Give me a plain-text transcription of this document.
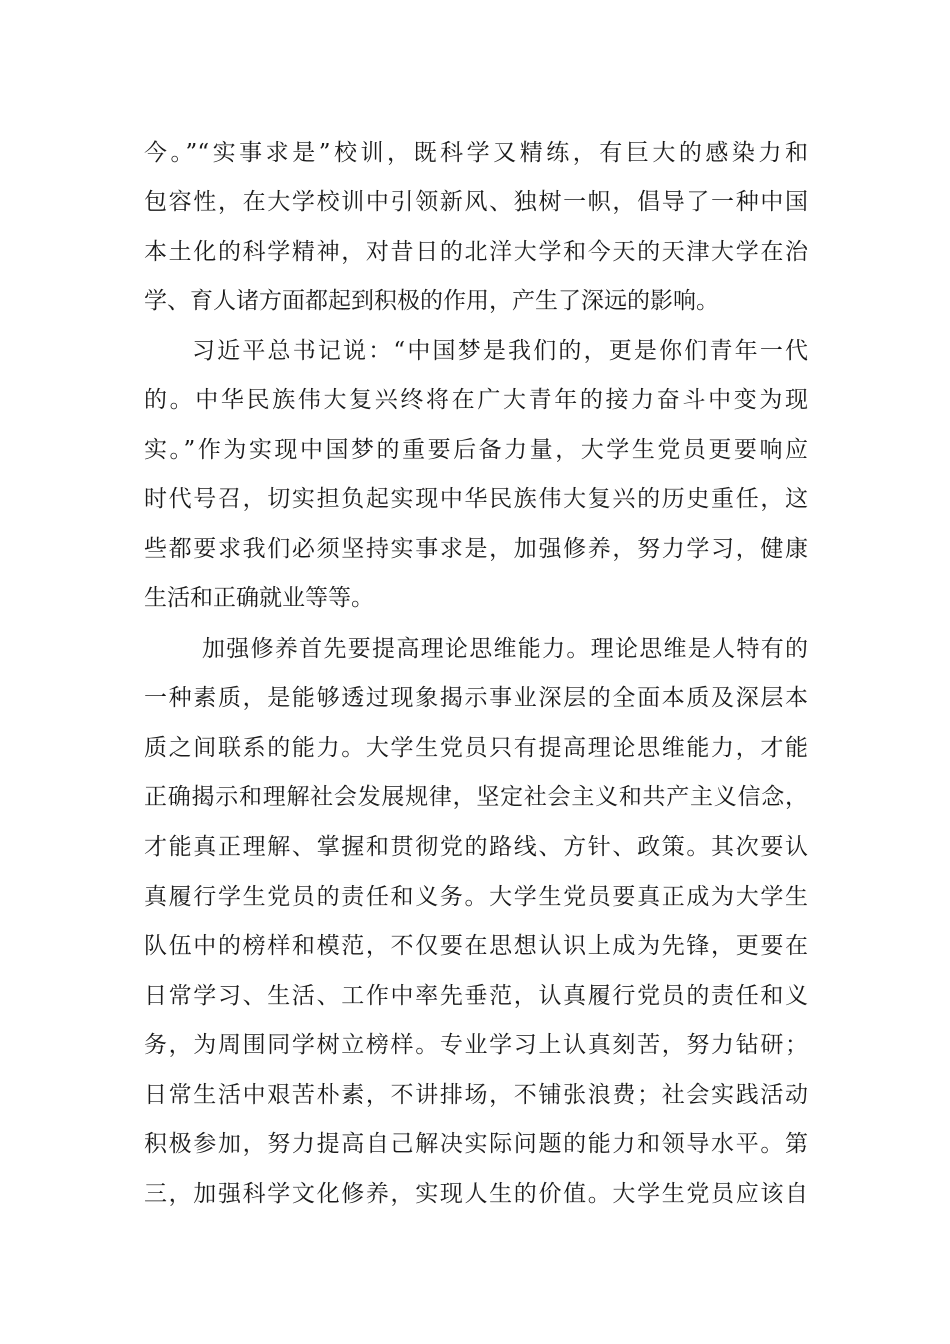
今。”“实事求是”校训，既科学又精练，有巨大的感染力和
包容性，在大学校训中引领新风、独树一帜，倡导了一种中国
本土化的科学精神，对昔日的北洋大学和今天的天津大学在治
学、育人诸方面都起到积极的作用，产生了深远的影响。
习近平总书记说：“中国梦是我们的，更是你们青年一代
的。中华民族伟大复兴终将在广大青年的接力奋斗中变为现
实。”作为实现中国梦的重要后备力量，大学生党员更要响应
时代号召，切实担负起实现中华民族伟大复兴的历史重任，这
些都要求我们必须坚持实事求是，加强修养，努力学习，健康
生活和正确就业等等。
加强修养首先要提高理论思维能力。理论思维是人特有的
一种素质，是能够透过现象揭示事业深层的全面本质及深层本
质之间联系的能力。大学生党员只有提高理论思维能力，才能
正确揭示和理解社会发展规律，坚定社会主义和共产主义信念，
才能真正理解、掌握和贯彻党的路线、方针、政策。其次要认
真履行学生党员的责任和义务。大学生党员要真正成为大学生
队伍中的榜样和模范，不仅要在思想认识上成为先锋，更要在
日常学习、生活、工作中率先垂范，认真履行党员的责任和义
务，为周围同学树立榜样。专业学习上认真刻苦，努力钻研；
日常生活中艰苦朴素，不讲排场，不铺张浪费；社会实践活动
积极参加，努力提高自己解决实际问题的能力和领导水平。第
三，加强科学文化修养，实现人生的价值。大学生党员应该自
